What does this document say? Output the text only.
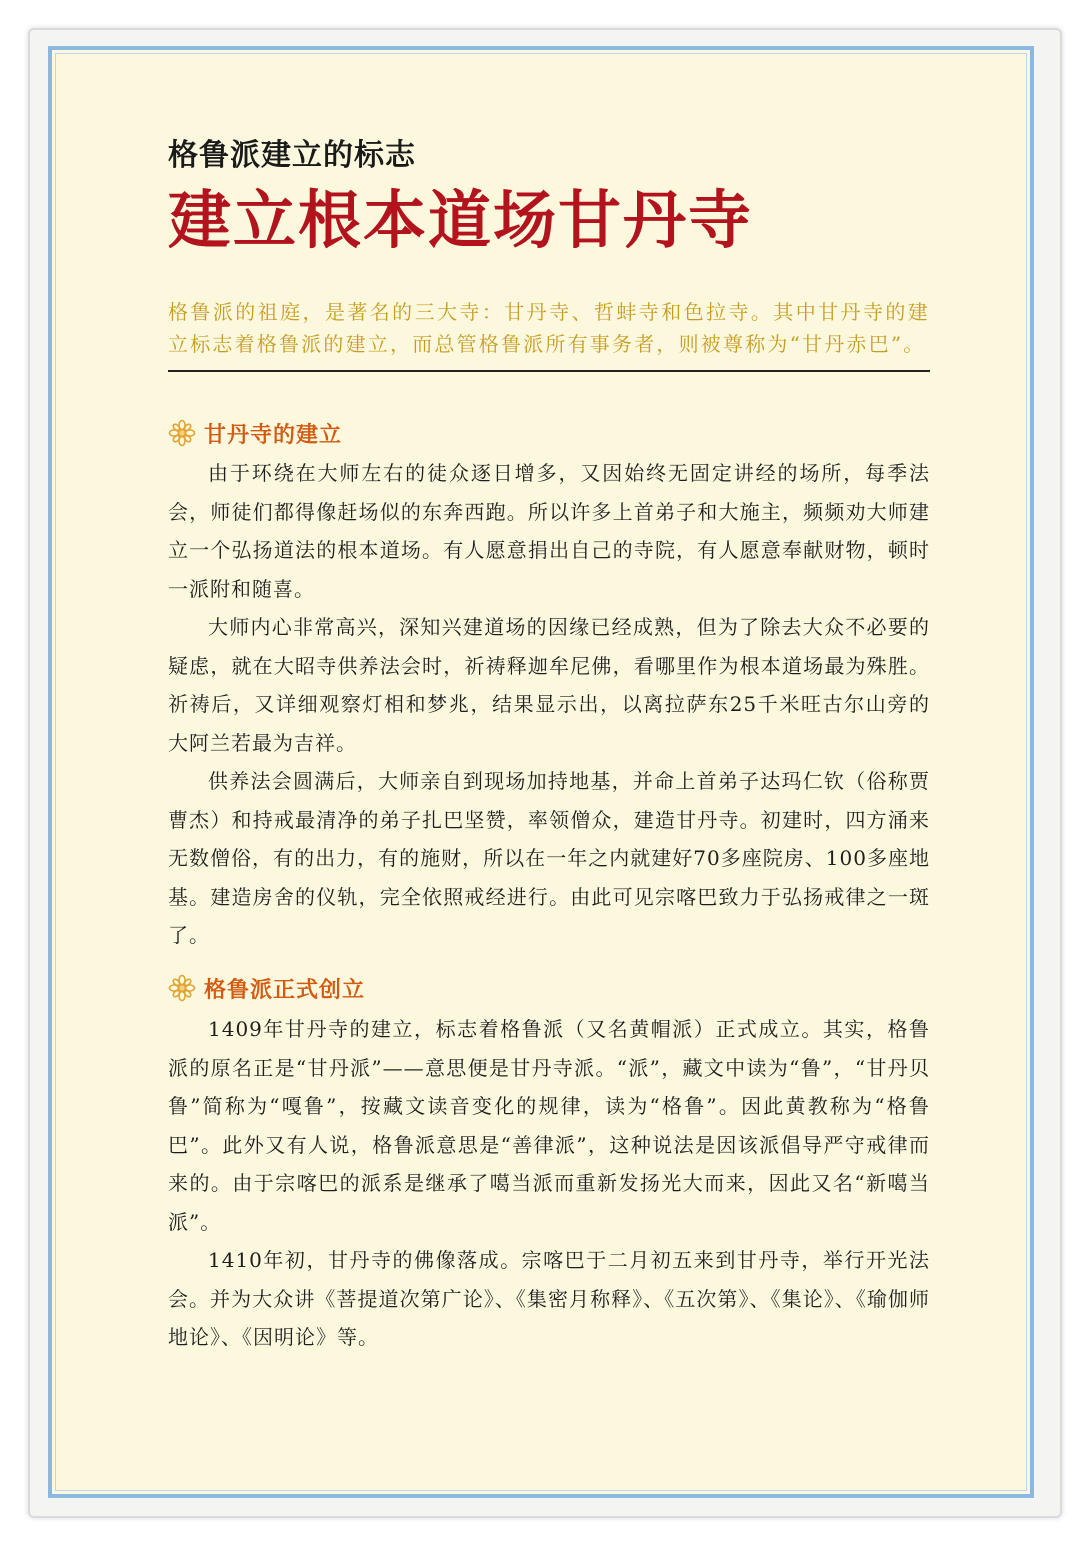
格鲁派建立的标志
建立根本道场甘丹寺
格鲁派的祖庭，是著名的三大寺：甘丹寺、哲蚌寺和色拉寺。其中甘丹寺的建立标志着格鲁派的建立，而总管格鲁派所有事务者，则被尊称为“甘丹赤巴”。
甘丹寺的建立

由于环绕在大师左右的徒众逐日增多，又因始终无固定讲经的场所，每季法会，师徒们都得像赶场似的东奔西跑。所以许多上首弟子和大施主，频频劝大师建立一个弘扬道法的根本道场。有人愿意捐出自己的寺院，有人愿意奉献财物，顿时一派附和随喜。

大师内心非常高兴，深知兴建道场的因缘已经成熟，但为了除去大众不必要的疑虑，就在大昭寺供养法会时，祈祷释迦牟尼佛，看哪里作为根本道场最为殊胜。祈祷后，又详细观察灯相和梦兆，结果显示出，以离拉萨东25千米旺古尔山旁的大阿兰若最为吉祥。

供养法会圆满后，大师亲自到现场加持地基，并命上首弟子达玛仁钦（俗称贾曹杰）和持戒最清净的弟子扎巴坚赞，率领僧众，建造甘丹寺。初建时，四方涌来无数僧俗，有的出力，有的施财，所以在一年之内就建好70多座院房、100多座地基。建造房舍的仪轨，完全依照戒经进行。由此可见宗喀巴致力于弘扬戒律之一斑了。

格鲁派正式创立

1409年甘丹寺的建立，标志着格鲁派（又名黄帽派）正式成立。其实，格鲁派的原名正是“甘丹派”——意思便是甘丹寺派。“派”，藏文中读为“鲁”，“甘丹贝鲁”简称为“嘎鲁”，按藏文读音变化的规律，读为“格鲁”。因此黄教称为“格鲁巴”。此外又有人说，格鲁派意思是“善律派”，这种说法是因该派倡导严守戒律而来的。由于宗喀巴的派系是继承了噶当派而重新发扬光大而来，因此又名“新噶当派”。

1410年初，甘丹寺的佛像落成。宗喀巴于二月初五来到甘丹寺，举行开光法会。并为大众讲《菩提道次第广论》、《集密月称释》、《五次第》、《集论》、《瑜伽师地论》、《因明论》等。
